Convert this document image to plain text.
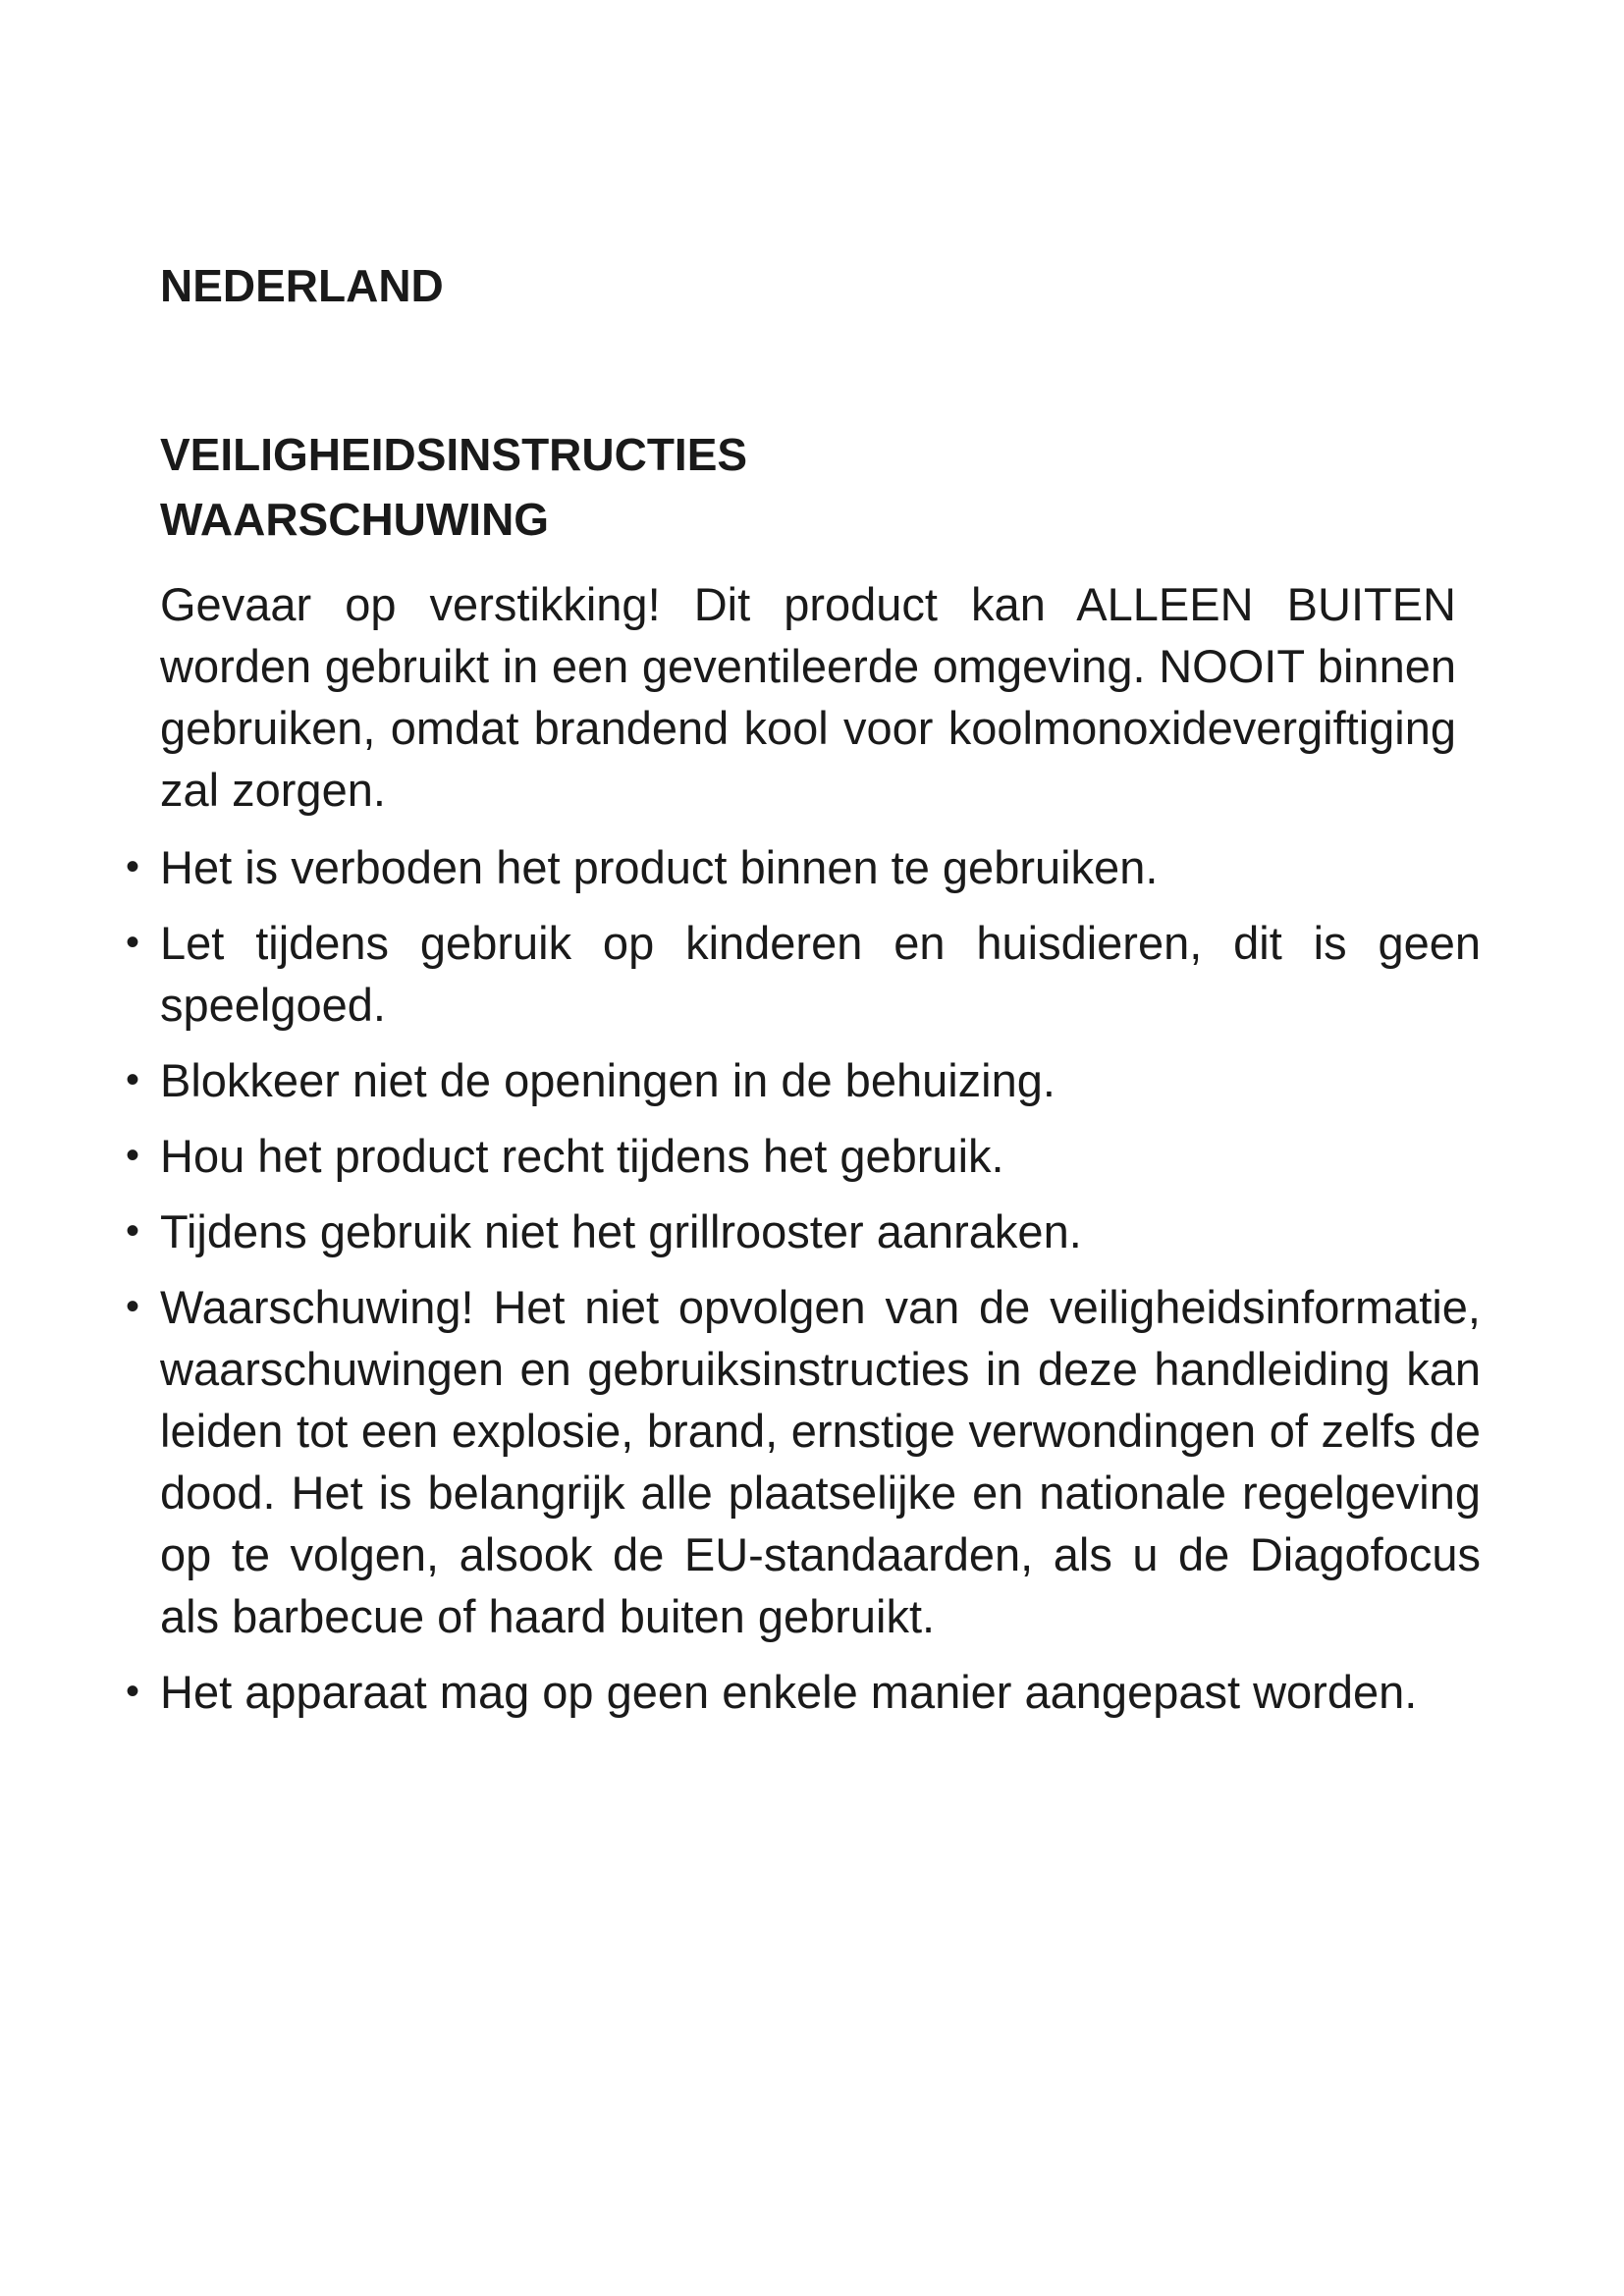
NEDERLAND
VEILIGHEIDSINSTRUCTIES
WAARSCHUWING

Gevaar op verstikking! Dit product kan ALLEEN BUITEN worden gebruikt in een geventileerde omgeving. NOOIT binnen gebruiken, omdat brandend kool voor koolmonoxidevergiftiging zal zorgen.

• Het is verboden het product binnen te gebruiken.
• Let tijdens gebruik op kinderen en huisdieren, dit is geen speelgoed.
• Blokkeer niet de openingen in de behuizing.
• Hou het product recht tijdens het gebruik.
• Tijdens gebruik niet het grillrooster aanraken.
• Waarschuwing! Het niet opvolgen van de veiligheidsinformatie, waarschuwingen en gebruiksinstructies in deze handleiding kan leiden tot een explosie, brand, ernstige verwondingen of zelfs de dood. Het is belangrijk alle plaatselijke en nationale regelgeving op te volgen, alsook de EU-standaarden, als u de Diagofocus als barbecue of haard buiten gebruikt.
• Het apparaat mag op geen enkele manier aangepast worden.
